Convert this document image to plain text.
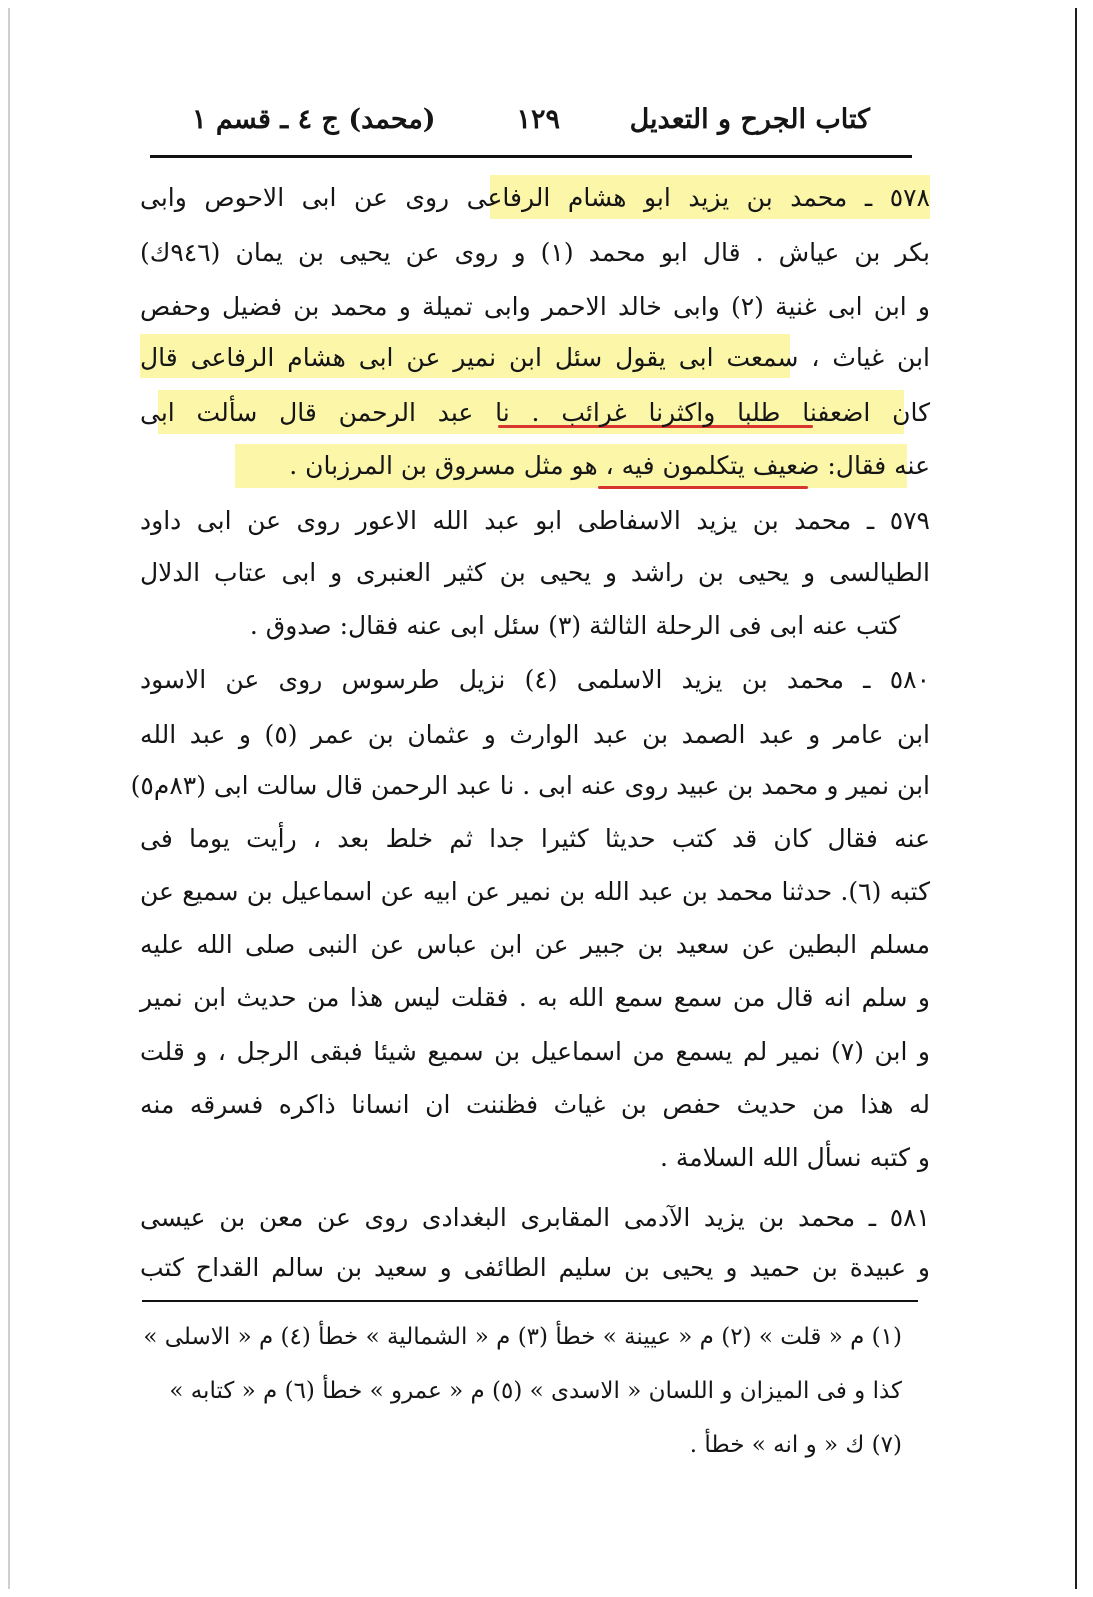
كتاب الجرح و التعديل
١٢٩
(محمد) ج ٤ ـ قسم ١
٥٧٨ ـ محمد بن يزيد ابو هشام الرفاعى روى عن ابى الاحوص وابى
بكر بن عياش . قال ابو محمد (١) و روى عن يحيى بن يمان (٩٤٦ك)
و ابن ابى غنية (٢) وابى خالد الاحمر وابى تميلة و محمد بن فضيل وحفص
ابن غياث ، سمعت ابى يقول سئل ابن نمير عن ابى هشام الرفاعى قال
كان اضعفنا طلبا واكثرنا غرائب . نا عبد الرحمن قال سألت ابى
عنه فقال: ضعيف يتكلمون فيه ، هو مثل مسروق بن المرزبان .
٥٧٩ ـ محمد بن يزيد الاسفاطى ابو عبد الله الاعور روى عن ابى داود
الطيالسى و يحيى بن راشد و يحيى بن كثير العنبرى و ابى عتاب الدلال
كتب عنه ابى فى الرحلة الثالثة (٣) سئل ابى عنه فقال: صدوق .
٥٨٠ ـ محمد بن يزيد الاسلمى (٤) نزيل طرسوس روى عن الاسود
ابن عامر و عبد الصمد بن عبد الوارث و عثمان بن عمر (٥) و عبد الله
ابن نمير و محمد بن عبيد روى عنه ابى . نا عبد الرحمن قال سالت ابى (٨٣م٥)
عنه فقال كان قد كتب حديثا كثيرا جدا ثم خلط بعد ، رأيت يوما فى
كتبه (٦). حدثنا محمد بن عبد الله بن نمير عن ابيه عن اسماعيل بن سميع عن
مسلم البطين عن سعيد بن جبير عن ابن عباس عن النبى صلى الله عليه
و سلم انه قال من سمع سمع الله به . فقلت ليس هذا من حديث ابن نمير
و ابن (٧) نمير لم يسمع من اسماعيل بن سميع شيئا فبقى الرجل ، و قلت
له هذا من حديث حفص بن غياث فظننت ان انسانا ذاكره فسرقه منه
و كتبه نسأل الله السلامة .
٥٨١ ـ محمد بن يزيد الآدمى المقابرى البغدادى روى عن معن بن عيسى
و عبيدة بن حميد و يحيى بن سليم الطائفى و سعيد بن سالم القداح كتب
(١) م « قلت » (٢) م « عيينة » خطأ (٣) م « الشمالية » خطأ (٤) م « الاسلى »
كذا و فى الميزان و اللسان « الاسدى » (٥) م « عمرو » خطأ (٦) م « كتابه »
(٧) ك « و انه » خطأ .
